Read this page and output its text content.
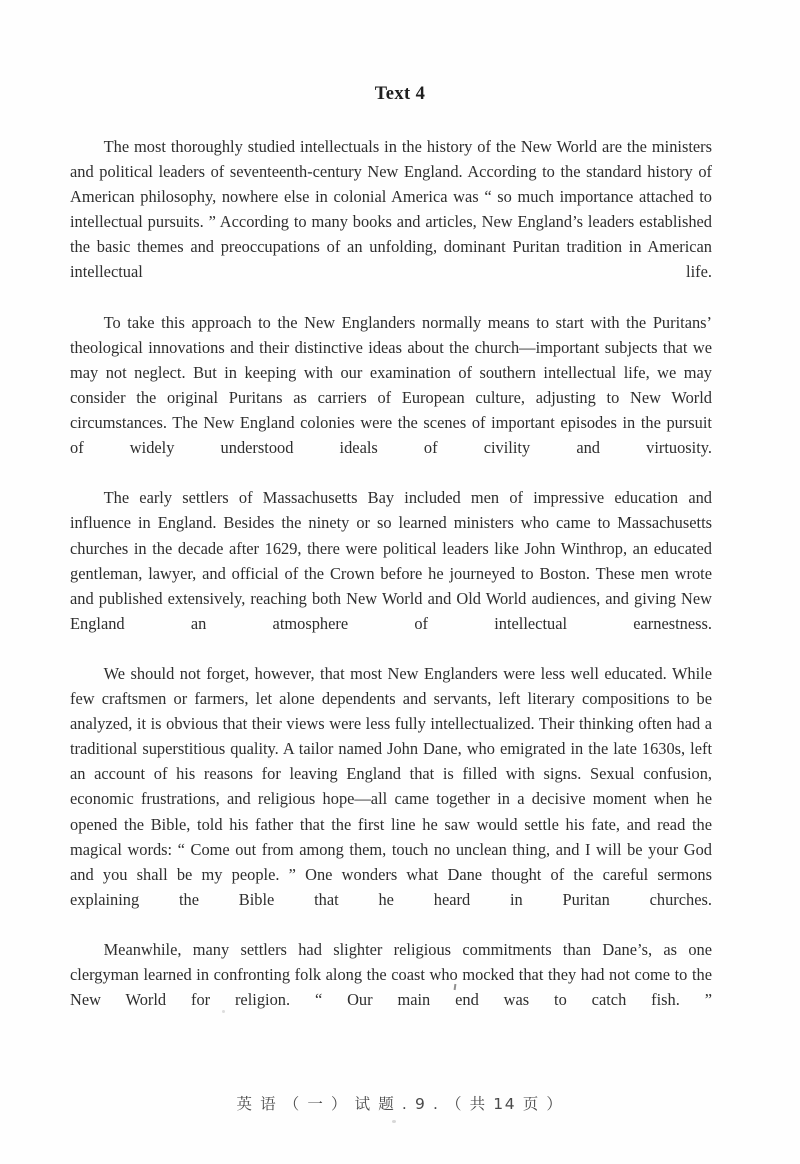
Text 4

The most thoroughly studied intellectuals in the history of the New World are the ministers and political leaders of seventeenth-century New England. According to the standard history of American philosophy, nowhere else in colonial America was “ so much importance attached to intellectual pursuits. ” According to many books and articles, New England’s leaders established the basic themes and preoccupations of an unfolding, dominant Puritan tradition in American intellectual life.

To take this approach to the New Englanders normally means to start with the Puritans’ theological innovations and their distinctive ideas about the church—important subjects that we may not neglect. But in keeping with our examination of southern intellectual life, we may consider the original Puritans as carriers of European culture, adjusting to New World circumstances. The New England colonies were the scenes of important episodes in the pursuit of widely understood ideals of civility and virtuosity.

The early settlers of Massachusetts Bay included men of impressive education and influence in England. Besides the ninety or so learned ministers who came to Massachusetts churches in the decade after 1629, there were political leaders like John Winthrop, an educated gentleman, lawyer, and official of the Crown before he journeyed to Boston. These men wrote and published extensively, reaching both New World and Old World audiences, and giving New England an atmosphere of intellectual earnestness.

We should not forget, however, that most New Englanders were less well educated. While few craftsmen or farmers, let alone dependents and servants, left literary compositions to be analyzed, it is obvious that their views were less fully intellectualized. Their thinking often had a traditional superstitious quality. A tailor named John Dane, who emigrated in the late 1630s, left an account of his reasons for leaving England that is filled with signs. Sexual confusion, economic frustrations, and religious hope—all came together in a decisive moment when he opened the Bible, told his father that the first line he saw would settle his fate, and read the magical words: “ Come out from among them, touch no unclean thing, and I will be your God and you shall be my people. ” One wonders what Dane thought of the careful sermons explaining the Bible that he heard in Puritan churches.

Meanwhile, many settlers had slighter religious commitments than Dane’s, as one clergyman learned in confronting folk along the coast who mocked that they had not come to the New World for religion. “ Our main end was to catch fish. ”

英 语 （ 一 ） 试 题 . 9 . （ 共 14 页 ）
